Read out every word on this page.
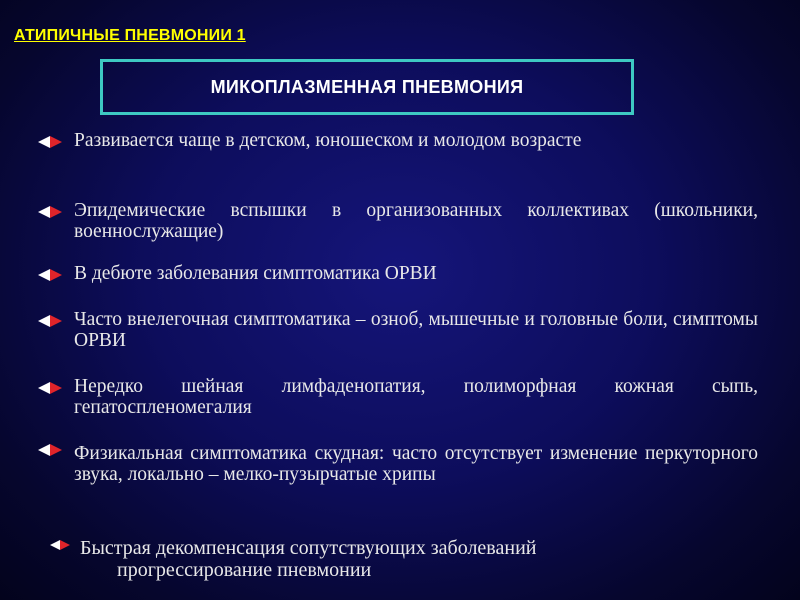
АТИПИЧНЫЕ ПНЕВМОНИИ 1
МИКОПЛАЗМЕННАЯ ПНЕВМОНИЯ
Развивается чаще в детском, юношеском и молодом возрасте
Эпидемические вспышки в организованных коллективах (школьники, военнослужащие)
В дебюте заболевания симптоматика ОРВИ
Часто внелегочная симптоматика – озноб, мышечные и головные боли, симптомы ОРВИ
Нередко шейная лимфаденопатия, полиморфная кожная сыпь, гепатоспленомегалия
Физикальная симптоматика скудная: часто отсутствует изменение перкуторного звука, локально – мелко-пузырчатые хрипы
Быстрая декомпенсация сопутствующих заболеваний
прогрессирование пневмонии
